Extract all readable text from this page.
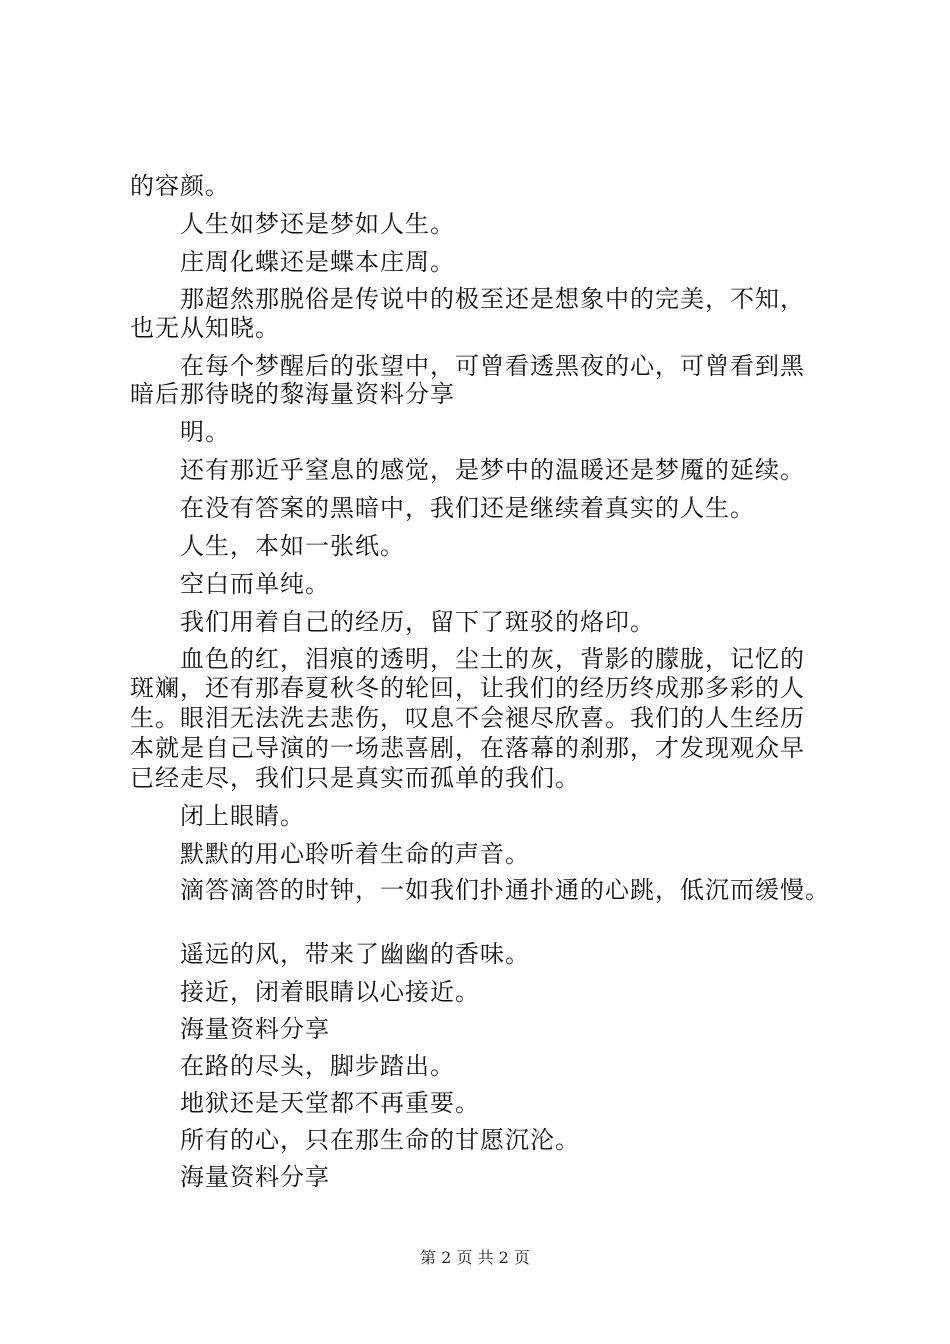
的容颜。
人生如梦还是梦如人生。
庄周化蝶还是蝶本庄周。
那超然那脱俗是传说中的极至还是想象中的完美，不知，
也无从知晓。
在每个梦醒后的张望中，可曾看透黑夜的心，可曾看到黑
暗后那待晓的黎海量资料分享
明。
还有那近乎窒息的感觉，是梦中的温暖还是梦魇的延续。
在没有答案的黑暗中，我们还是继续着真实的人生。
人生，本如一张纸。
空白而单纯。
我们用着自己的经历，留下了斑驳的烙印。
血色的红，泪痕的透明，尘土的灰，背影的朦胧，记忆的
斑斓，还有那春夏秋冬的轮回，让我们的经历终成那多彩的人
生。眼泪无法洗去悲伤，叹息不会褪尽欣喜。我们的人生经历
本就是自己导演的一场悲喜剧，在落幕的刹那，才发现观众早
已经走尽，我们只是真实而孤单的我们。
闭上眼睛。
默默的用心聆听着生命的声音。
滴答滴答的时钟，一如我们扑通扑通的心跳，低沉而缓慢。
遥远的风，带来了幽幽的香味。
接近，闭着眼睛以心接近。
海量资料分享
在路的尽头，脚步踏出。
地狱还是天堂都不再重要。
所有的心，只在那生命的甘愿沉沦。
海量资料分享
第 2 页 共 2 页
